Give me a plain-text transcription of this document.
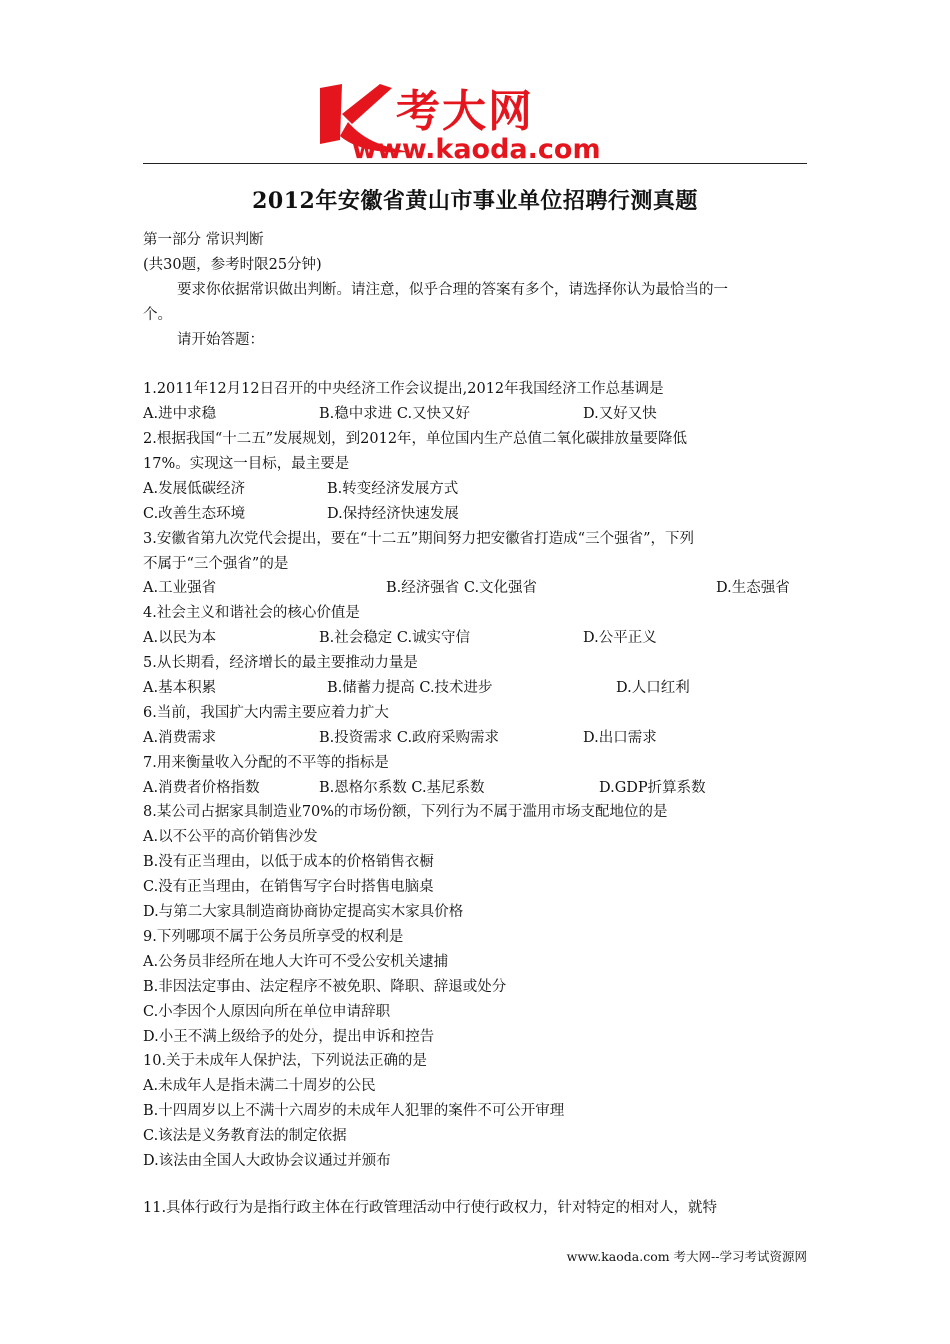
考大网
www.kaoda.com
2012年安徽省黄山市事业单位招聘行测真题
第一部分 常识判断
(共30题，参考时限25分钟)
要求你依据常识做出判断。请注意，似乎合理的答案有多个，请选择你认为最恰当的一
个。
请开始答题：
1.2011年12月12日召开的中央经济工作会议提出,2012年我国经济工作总基调是
A.进中求稳	B.稳中求进 C.又快又好	D.又好又快
2.根据我国“十二五”发展规划，到2012年，单位国内生产总值二氧化碳排放量要降低
17%。实现这一目标，最主要是
A.发展低碳经济	B.转变经济发展方式
C.改善生态环境	D.保持经济快速发展
3.安徽省第九次党代会提出，要在“十二五”期间努力把安徽省打造成“三个强省”，下列
不属于“三个强省”的是
A.工业强省	B.经济强省 C.文化强省	D.生态强省
4.社会主义和谐社会的核心价值是
A.以民为本	B.社会稳定 C.诚实守信	D.公平正义
5.从长期看，经济增长的最主要推动力量是
A.基本积累	B.储蓄力提高 C.技术进步	D.人口红利
6.当前，我国扩大内需主要应着力扩大
A.消费需求	B.投资需求 C.政府采购需求	D.出口需求
7.用来衡量收入分配的不平等的指标是
A.消费者价格指数	B.恩格尔系数 C.基尼系数	D.GDP折算系数
8.某公司占据家具制造业70%的市场份额，下列行为不属于滥用市场支配地位的是
A.以不公平的高价销售沙发
B.没有正当理由，以低于成本的价格销售衣橱
C.没有正当理由，在销售写字台时搭售电脑桌
D.与第二大家具制造商协商协定提高实木家具价格
9.下列哪项不属于公务员所享受的权利是
A.公务员非经所在地人大许可不受公安机关逮捕
B.非因法定事由、法定程序不被免职、降职、辞退或处分
C.小李因个人原因向所在单位申请辞职
D.小王不满上级给予的处分，提出申诉和控告
10.关于未成年人保护法，下列说法正确的是
A.未成年人是指未满二十周岁的公民
B.十四周岁以上不满十六周岁的未成年人犯罪的案件不可公开审理
C.该法是义务教育法的制定依据
D.该法由全国人大政协会议通过并颁布
11.具体行政行为是指行政主体在行政管理活动中行使行政权力，针对特定的相对人，就特
www.kaoda.com 考大网--学习考试资源网
